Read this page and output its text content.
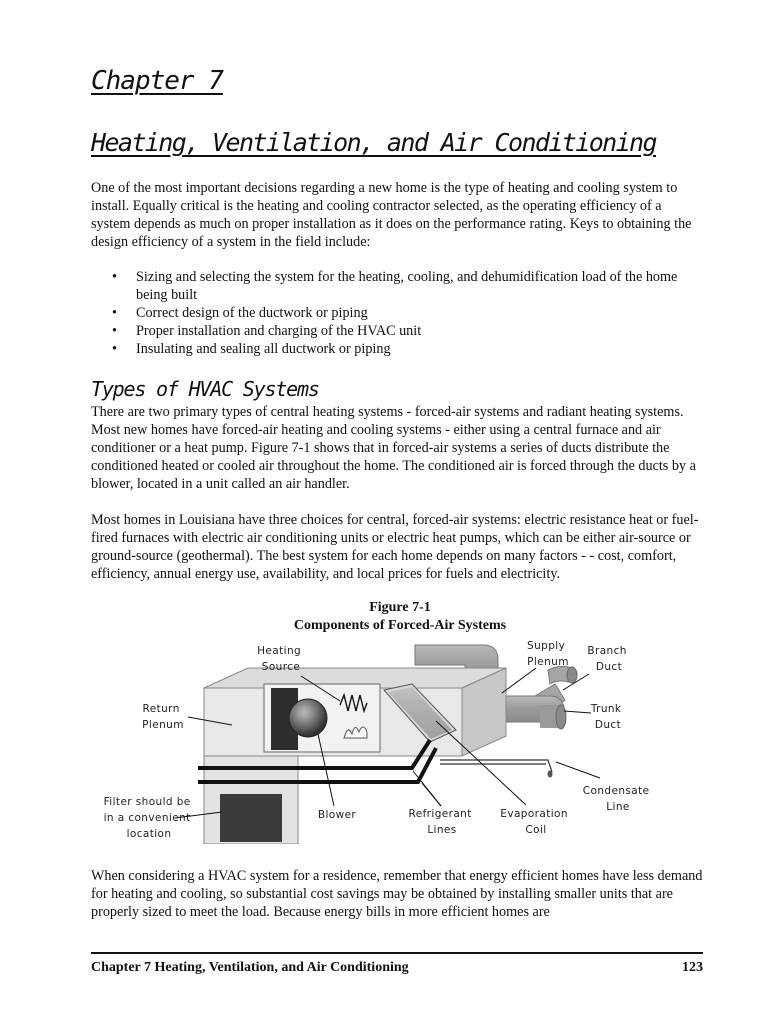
Chapter 7
Heating, Ventilation, and Air Conditioning

One of the most important decisions regarding a new home is the type of heating and cooling system to install. Equally critical is the heating and cooling contractor selected, as the operating efficiency of a system depends as much on proper installation as it does on the performance rating. Keys to obtaining the design efficiency of a system in the field include:

• Sizing and selecting the system for the heating, cooling, and dehumidification load of the home being built
• Correct design of the ductwork or piping
• Proper installation and charging of the HVAC unit
• Insulating and sealing all ductwork or piping
Types of HVAC Systems

There are two primary types of central heating systems - forced-air systems and radiant heating systems. Most new homes have forced-air heating and cooling systems - either using a central furnace and air conditioner or a heat pump. Figure 7-1 shows that in forced-air systems a series of ducts distribute the conditioned heated or cooled air throughout the home. The conditioned air is forced through the ducts by a blower, located in a unit called an air handler.

Most homes in Louisiana have three choices for central, forced-air systems: electric resistance heat or fuel-fired furnaces with electric air conditioning units or electric heat pumps, which can be either air-source or ground-source (geothermal). The best system for each home depends on many factors - - cost, comfort, efficiency, annual energy use, availability, and local prices for fuels and electricity.

Figure 7-1

Components of Forced-Air Systems

Heating Source
Supply Plenum
Branch Duct
Return Plenum
Trunk Duct
Condensate Line
Filter should be in a convenient location
Blower	Refrigerant Lines
Evaporation Coil

When considering a HVAC system for a residence, remember that energy efficient homes have less demand for heating and cooling, so substantial cost savings may be obtained by installing smaller units that are properly sized to meet the load. Because energy bills in more efficient homes are

Chapter 7 Heating, Ventilation, and Air Conditioning	123
